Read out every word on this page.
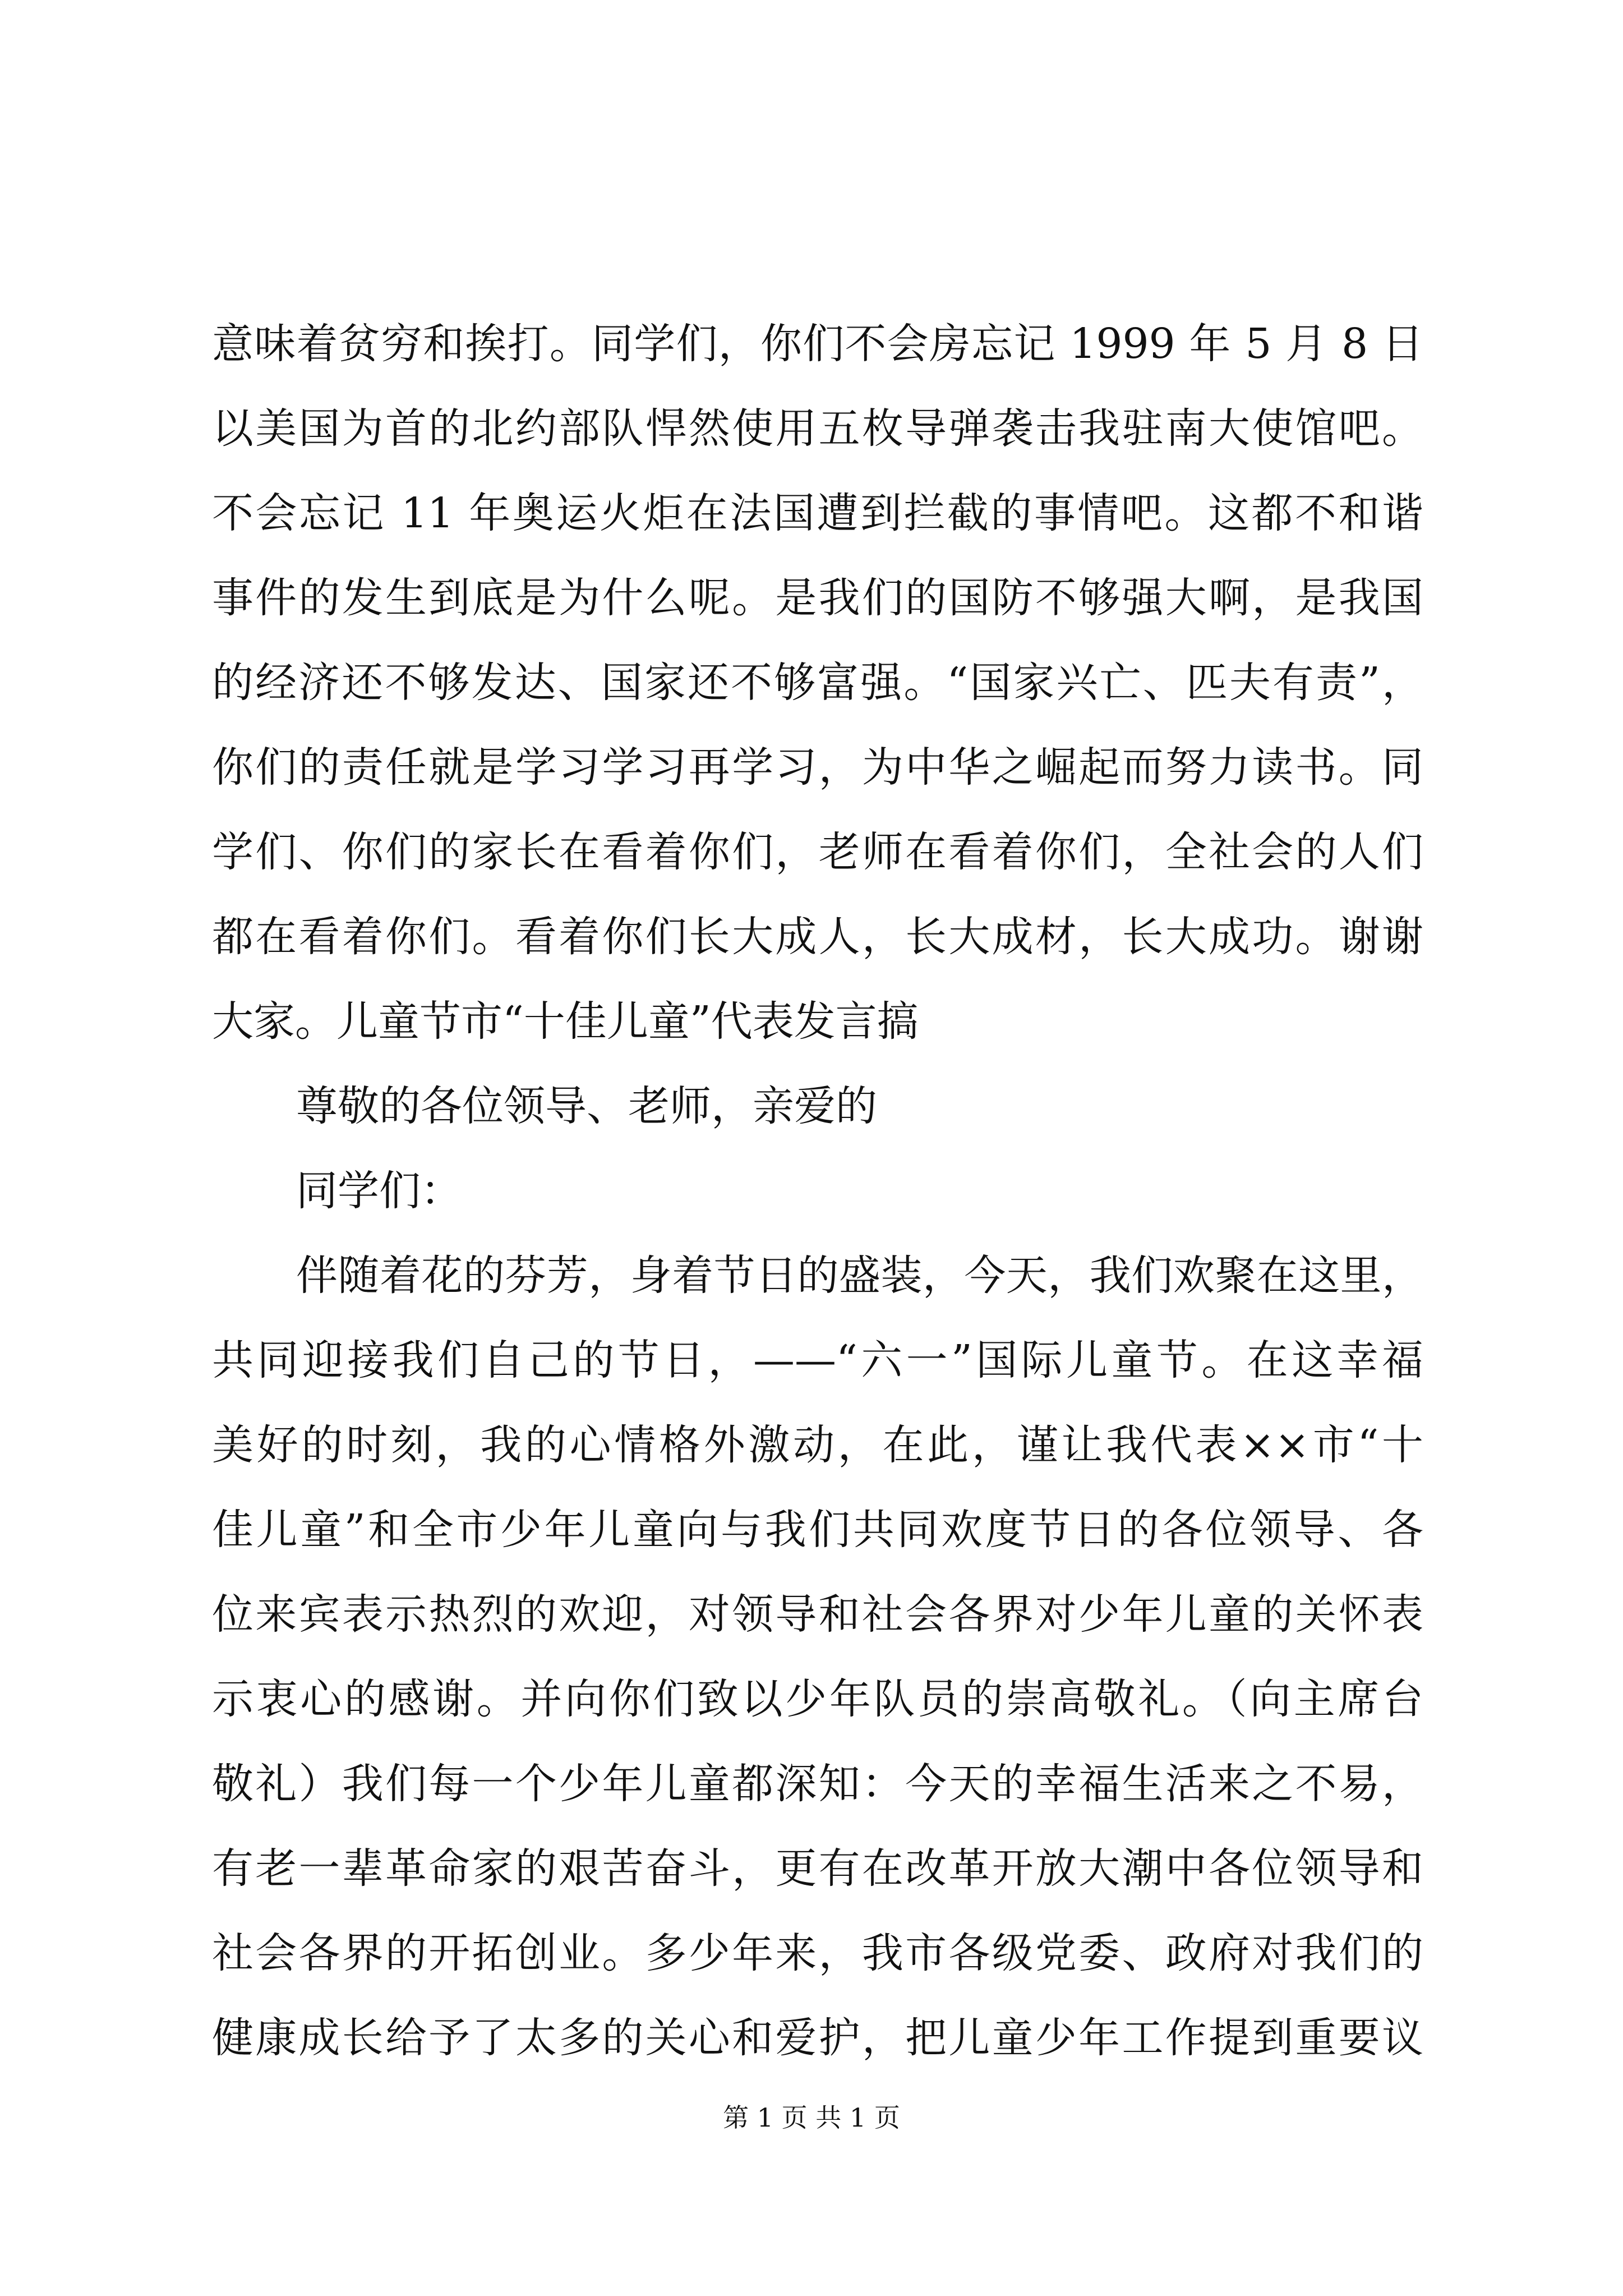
意味着贫穷和挨打。同学们，你们不会房忘记 1999 年 5 月 8 日
以美国为首的北约部队悍然使用五枚导弹袭击我驻南大使馆吧。
不会忘记 11 年奥运火炬在法国遭到拦截的事情吧。这都不和谐
事件的发生到底是为什么呢。是我们的国防不够强大啊，是我国
的经济还不够发达、国家还不够富强。“国家兴亡、匹夫有责”，
你们的责任就是学习学习再学习，为中华之崛起而努力读书。同
学们、你们的家长在看着你们，老师在看着你们，全社会的人们
都在看着你们。看着你们长大成人，长大成材，长大成功。谢谢
大家。儿童节市“十佳儿童”代表发言搞
尊敬的各位领导、老师，亲爱的
同学们：
伴随着花的芬芳，身着节日的盛装，今天，我们欢聚在这里，
共同迎接我们自己的节日，——“六一”国际儿童节。在这幸福
美好的时刻，我的心情格外激动，在此，谨让我代表××市“十
佳儿童”和全市少年儿童向与我们共同欢度节日的各位领导、各
位来宾表示热烈的欢迎，对领导和社会各界对少年儿童的关怀表
示衷心的感谢。并向你们致以少年队员的崇高敬礼。（向主席台
敬礼）我们每一个少年儿童都深知：今天的幸福生活来之不易，
有老一辈革命家的艰苦奋斗，更有在改革开放大潮中各位领导和
社会各界的开拓创业。多少年来，我市各级党委、政府对我们的
健康成长给予了太多的关心和爱护，把儿童少年工作提到重要议
第 1 页 共 1 页
